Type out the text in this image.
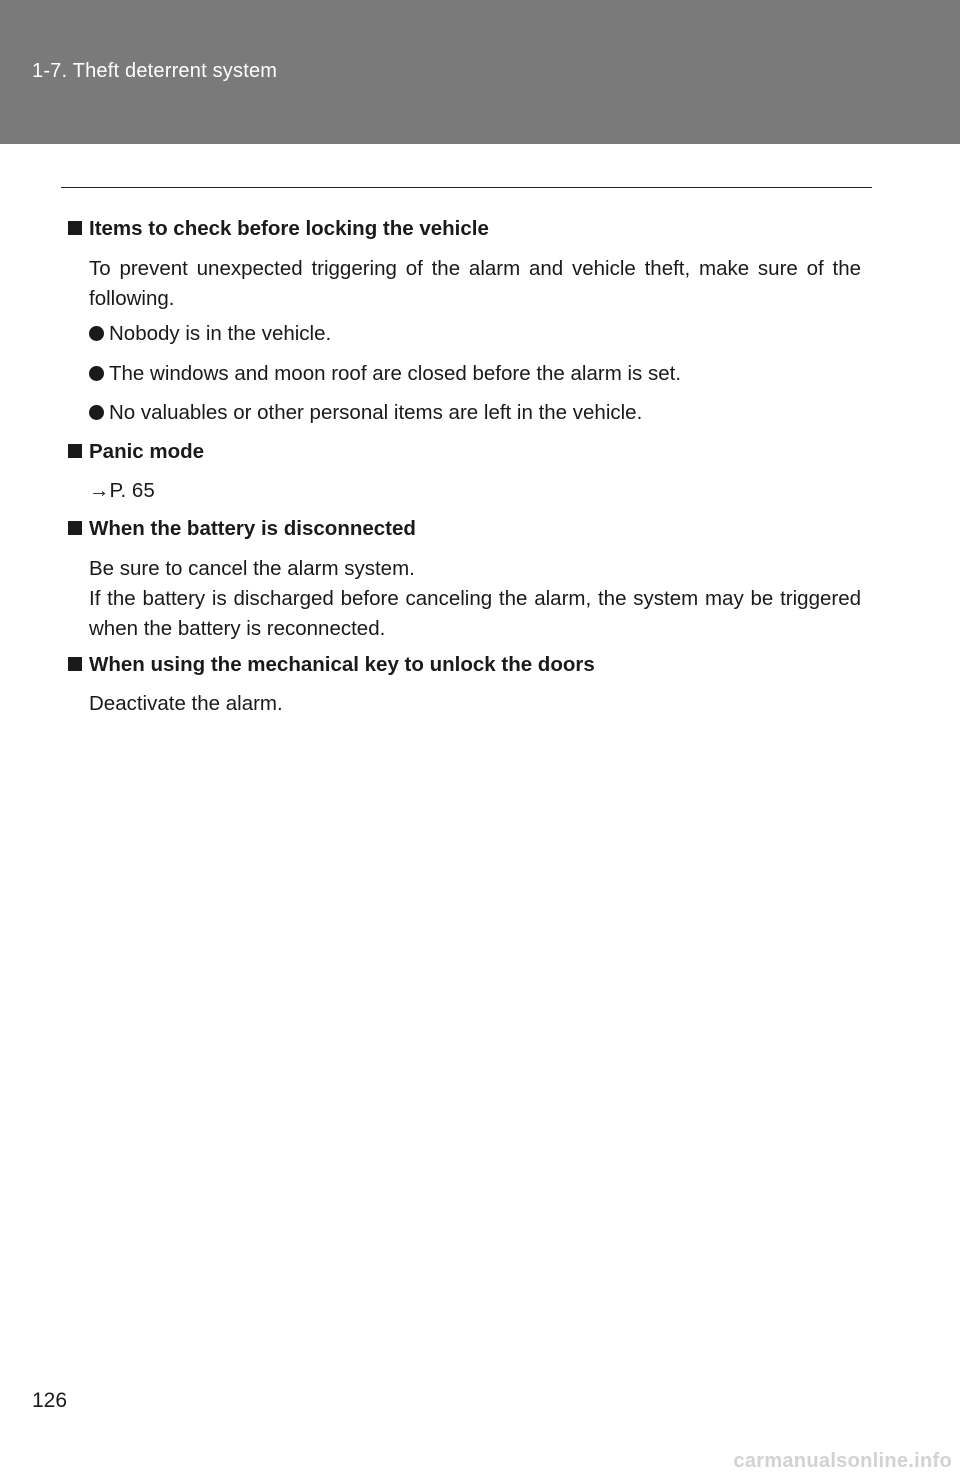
1-7. Theft deterrent system
Items to check before locking the vehicle
To prevent unexpected triggering of the alarm and vehicle theft, make sure of the following.
Nobody is in the vehicle.
The windows and moon roof are closed before the alarm is set.
No valuables or other personal items are left in the vehicle.
Panic mode
→P. 65
When the battery is disconnected
Be sure to cancel the alarm system.
If the battery is discharged before canceling the alarm, the system may be triggered when the battery is reconnected.
When using the mechanical key to unlock the doors
Deactivate the alarm.
126
carmanualsonline.info
